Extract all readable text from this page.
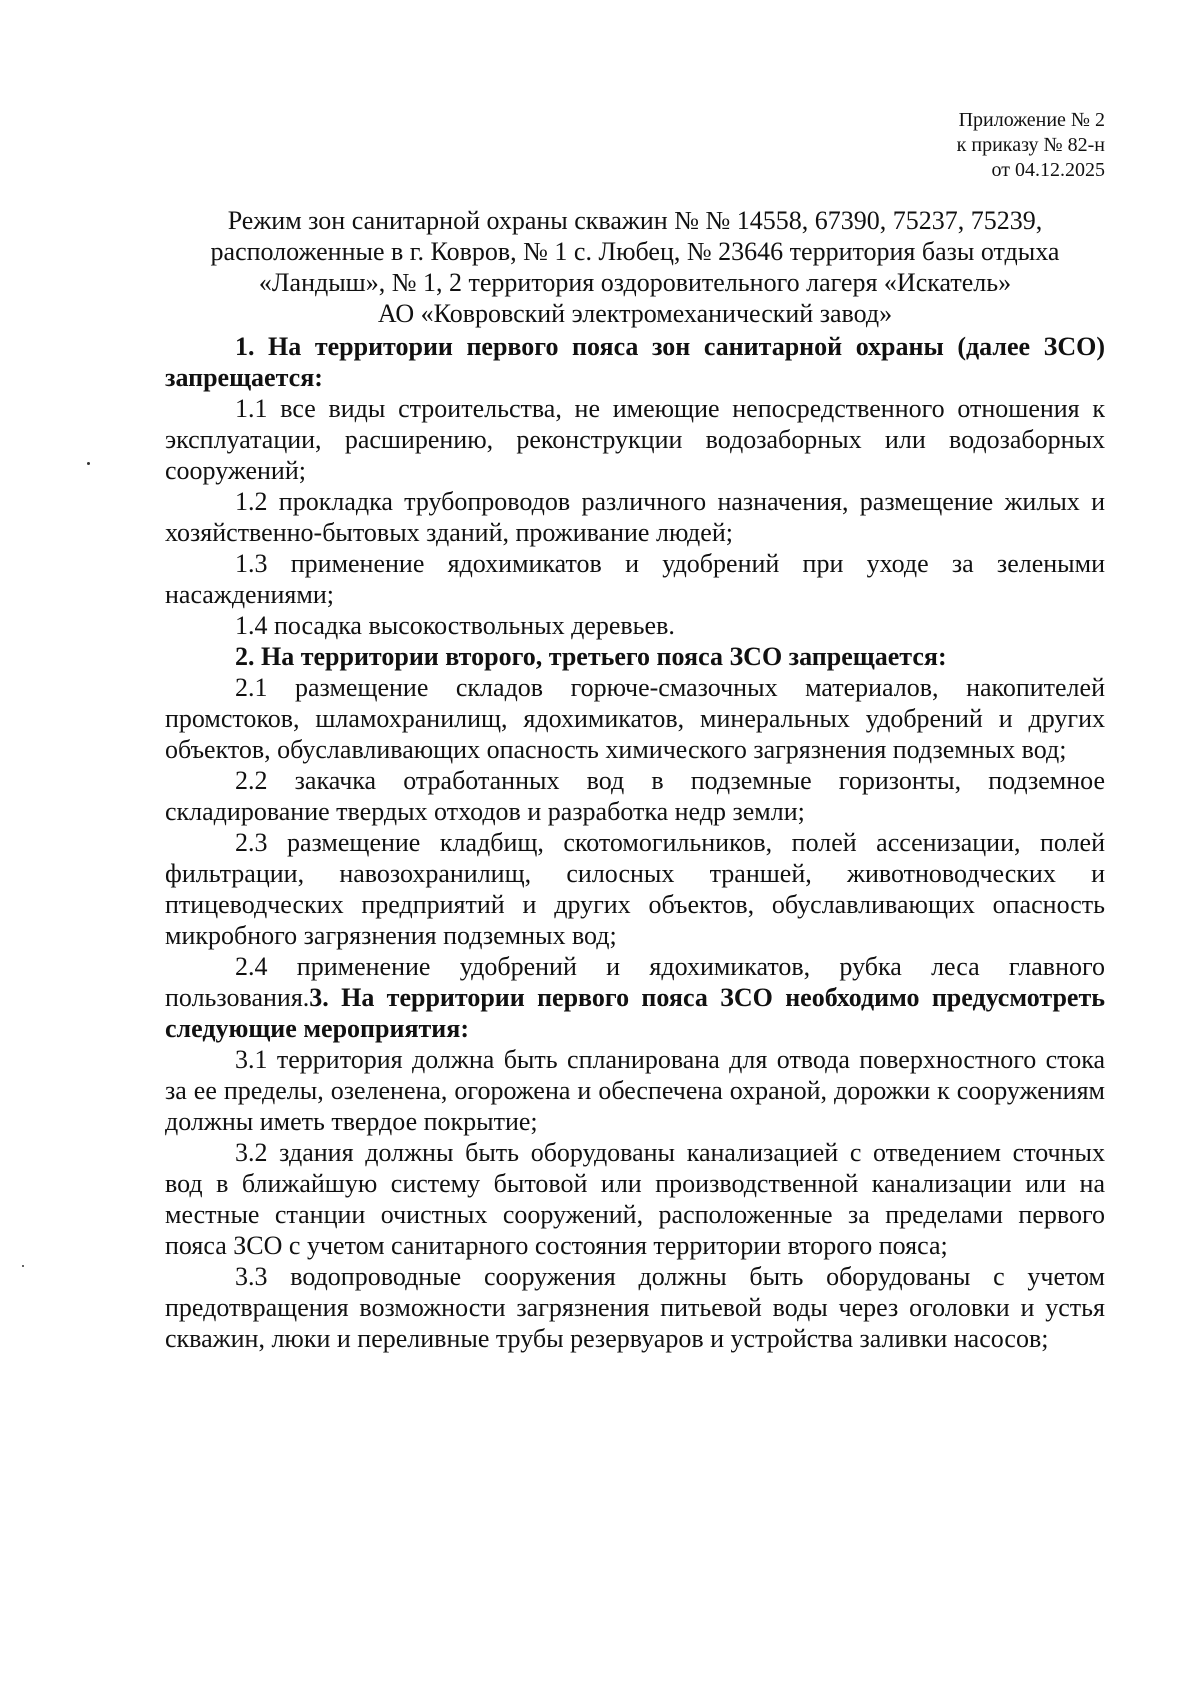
Приложение № 2
к приказу № 82-н
от 04.12.2025
Режим зон санитарной охраны скважин № № 14558, 67390, 75237, 75239,
расположенные в г. Ковров, № 1 с. Любец, № 23646 территория базы отдыха
«Ландыш», № 1, 2 территория оздоровительного лагеря «Искатель»
АО «Ковровский электромеханический завод»

1. На территории первого пояса зон санитарной охраны (далее ЗСО) запрещается:

1.1 все виды строительства, не имеющие непосредственного отношения к эксплуатации, расширению, реконструкции водозаборных или водозаборных сооружений;

1.2 прокладка трубопроводов различного назначения, размещение жилых и хозяйственно-бытовых зданий, проживание людей;

1.3 применение ядохимикатов и удобрений при уходе за зелеными насаждениями;

1.4 посадка высокоствольных деревьев.

2. На территории второго, третьего пояса ЗСО запрещается:

2.1 размещение складов горюче-смазочных материалов, накопителей промстоков, шламохранилищ, ядохимикатов, минеральных удобрений и других объектов, обуславливающих опасность химического загрязнения подземных вод;

2.2 закачка отработанных вод в подземные горизонты, подземное складирование твердых отходов и разработка недр земли;

2.3 размещение кладбищ, скотомогильников, полей ассенизации, полей фильтрации, навозохранилищ, силосных траншей, животноводческих и птицеводческих предприятий и других объектов, обуславливающих опасность микробного загрязнения подземных вод;

2.4 применение удобрений и ядохимикатов, рубка леса главного пользования.3. На территории первого пояса ЗСО необходимо предусмотреть следующие мероприятия:

3.1 территория должна быть спланирована для отвода поверхностного стока за ее пределы, озеленена, огорожена и обеспечена охраной, дорожки к сооружениям должны иметь твердое покрытие;

3.2 здания должны быть оборудованы канализацией с отведением сточных вод в ближайшую систему бытовой или производственной канализации или на местные станции очистных сооружений, расположенные за пределами первого пояса ЗСО с учетом санитарного состояния территории второго пояса;

3.3 водопроводные сооружения должны быть оборудованы с учетом предотвращения возможности загрязнения питьевой воды через оголовки и устья скважин, люки и переливные трубы резервуаров и устройства заливки насосов;
